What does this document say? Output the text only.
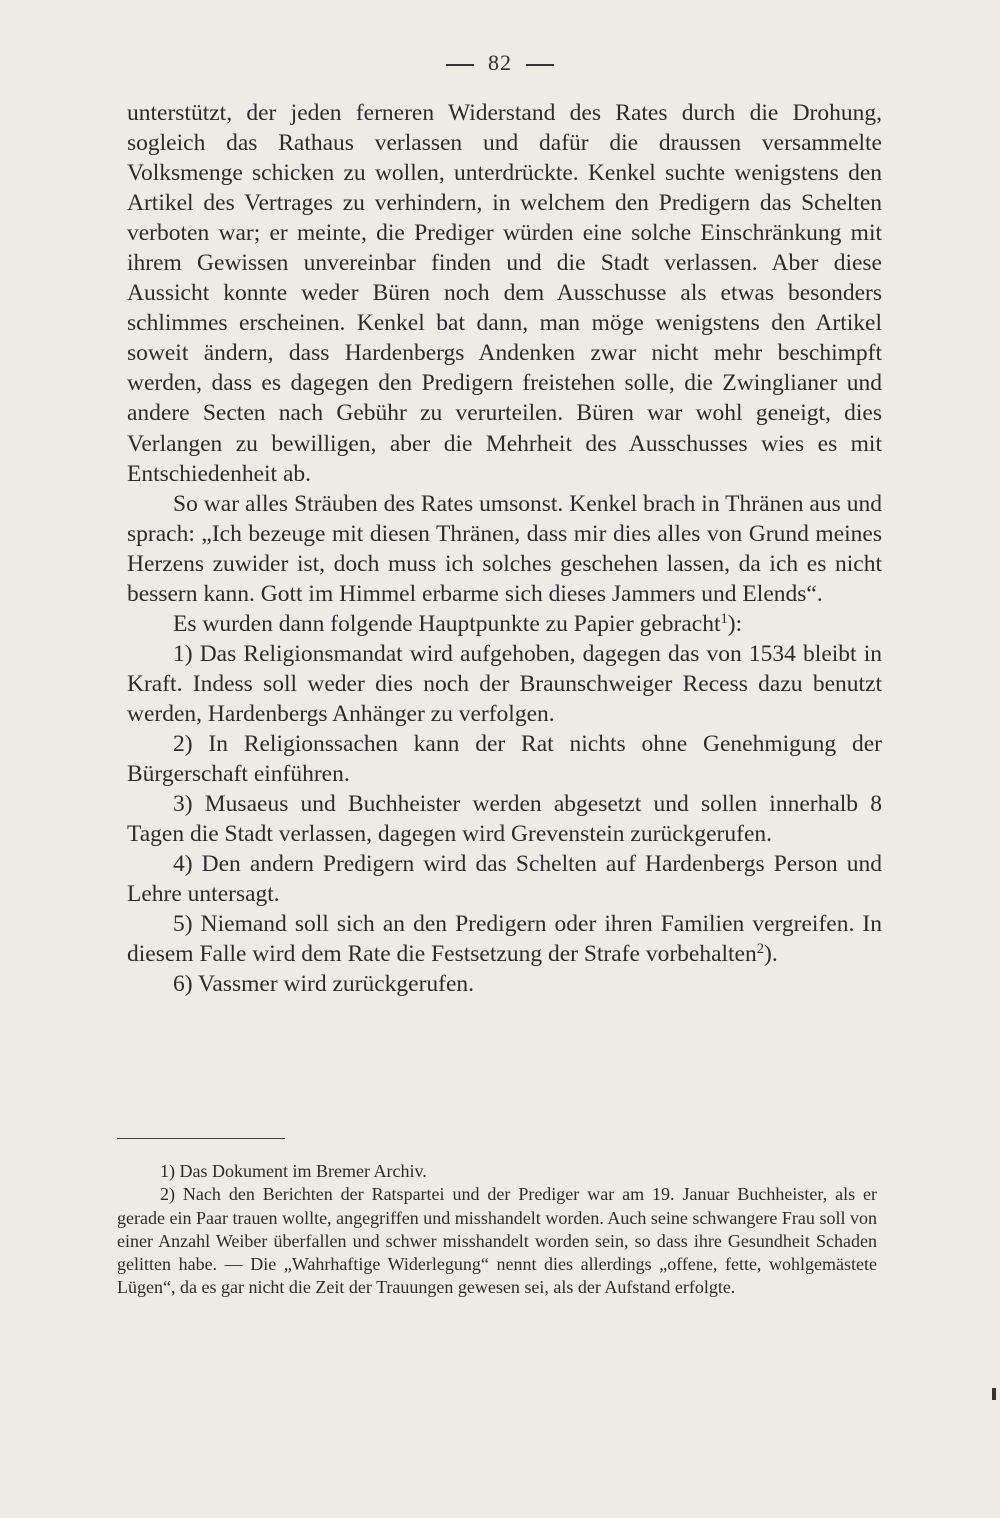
82

unterstützt, der jeden ferneren Widerstand des Rates durch die Drohung, sogleich das Rathaus verlassen und dafür die draussen versammelte Volksmenge schicken zu wollen, unterdrückte. Kenkel suchte wenigstens den Artikel des Vertrages zu verhindern, in welchem den Predigern das Schelten verboten war; er meinte, die Prediger würden eine solche Einschränkung mit ihrem Gewissen unvereinbar finden und die Stadt verlassen. Aber diese Aussicht konnte weder Büren noch dem Ausschusse als etwas besonders schlimmes erscheinen. Kenkel bat dann, man möge wenigstens den Artikel soweit ändern, dass Hardenbergs Andenken zwar nicht mehr beschimpft werden, dass es dagegen den Predigern freistehen solle, die Zwinglianer und andere Secten nach Gebühr zu verurteilen. Büren war wohl geneigt, dies Verlangen zu bewilligen, aber die Mehrheit des Ausschusses wies es mit Entschiedenheit ab.

So war alles Sträuben des Rates umsonst. Kenkel brach in Thränen aus und sprach: „Ich bezeuge mit diesen Thränen, dass mir dies alles von Grund meines Herzens zuwider ist, doch muss ich solches geschehen lassen, da ich es nicht bessern kann. Gott im Himmel erbarme sich dieses Jammers und Elends“.

Es wurden dann folgende Hauptpunkte zu Papier gebracht$^1$):

1) Das Religionsmandat wird aufgehoben, dagegen das von 1534 bleibt in Kraft. Indess soll weder dies noch der Braunschweiger Recess dazu benutzt werden, Hardenbergs Anhänger zu verfolgen.

2) In Religionssachen kann der Rat nichts ohne Genehmigung der Bürgerschaft einführen.

3) Musaeus und Buchheister werden abgesetzt und sollen innerhalb 8 Tagen die Stadt verlassen, dagegen wird Grevenstein zurückgerufen.

4) Den andern Predigern wird das Schelten auf Hardenbergs Person und Lehre untersagt.

5) Niemand soll sich an den Predigern oder ihren Familien vergreifen. In diesem Falle wird dem Rate die Festsetzung der Strafe vorbehalten$^2$).

6) Vassmer wird zurückgerufen.

1) Das Dokument im Bremer Archiv.

2) Nach den Berichten der Ratspartei und der Prediger war am 19. Januar Buchheister, als er gerade ein Paar trauen wollte, angegriffen und misshandelt worden. Auch seine schwangere Frau soll von einer Anzahl Weiber überfallen und schwer misshandelt worden sein, so dass ihre Gesundheit Schaden gelitten habe. — Die „Wahrhaftige Widerlegung“ nennt dies allerdings „offene, fette, wohlgemästete Lügen“, da es gar nicht die Zeit der Trauungen gewesen sei, als der Aufstand erfolgte.
